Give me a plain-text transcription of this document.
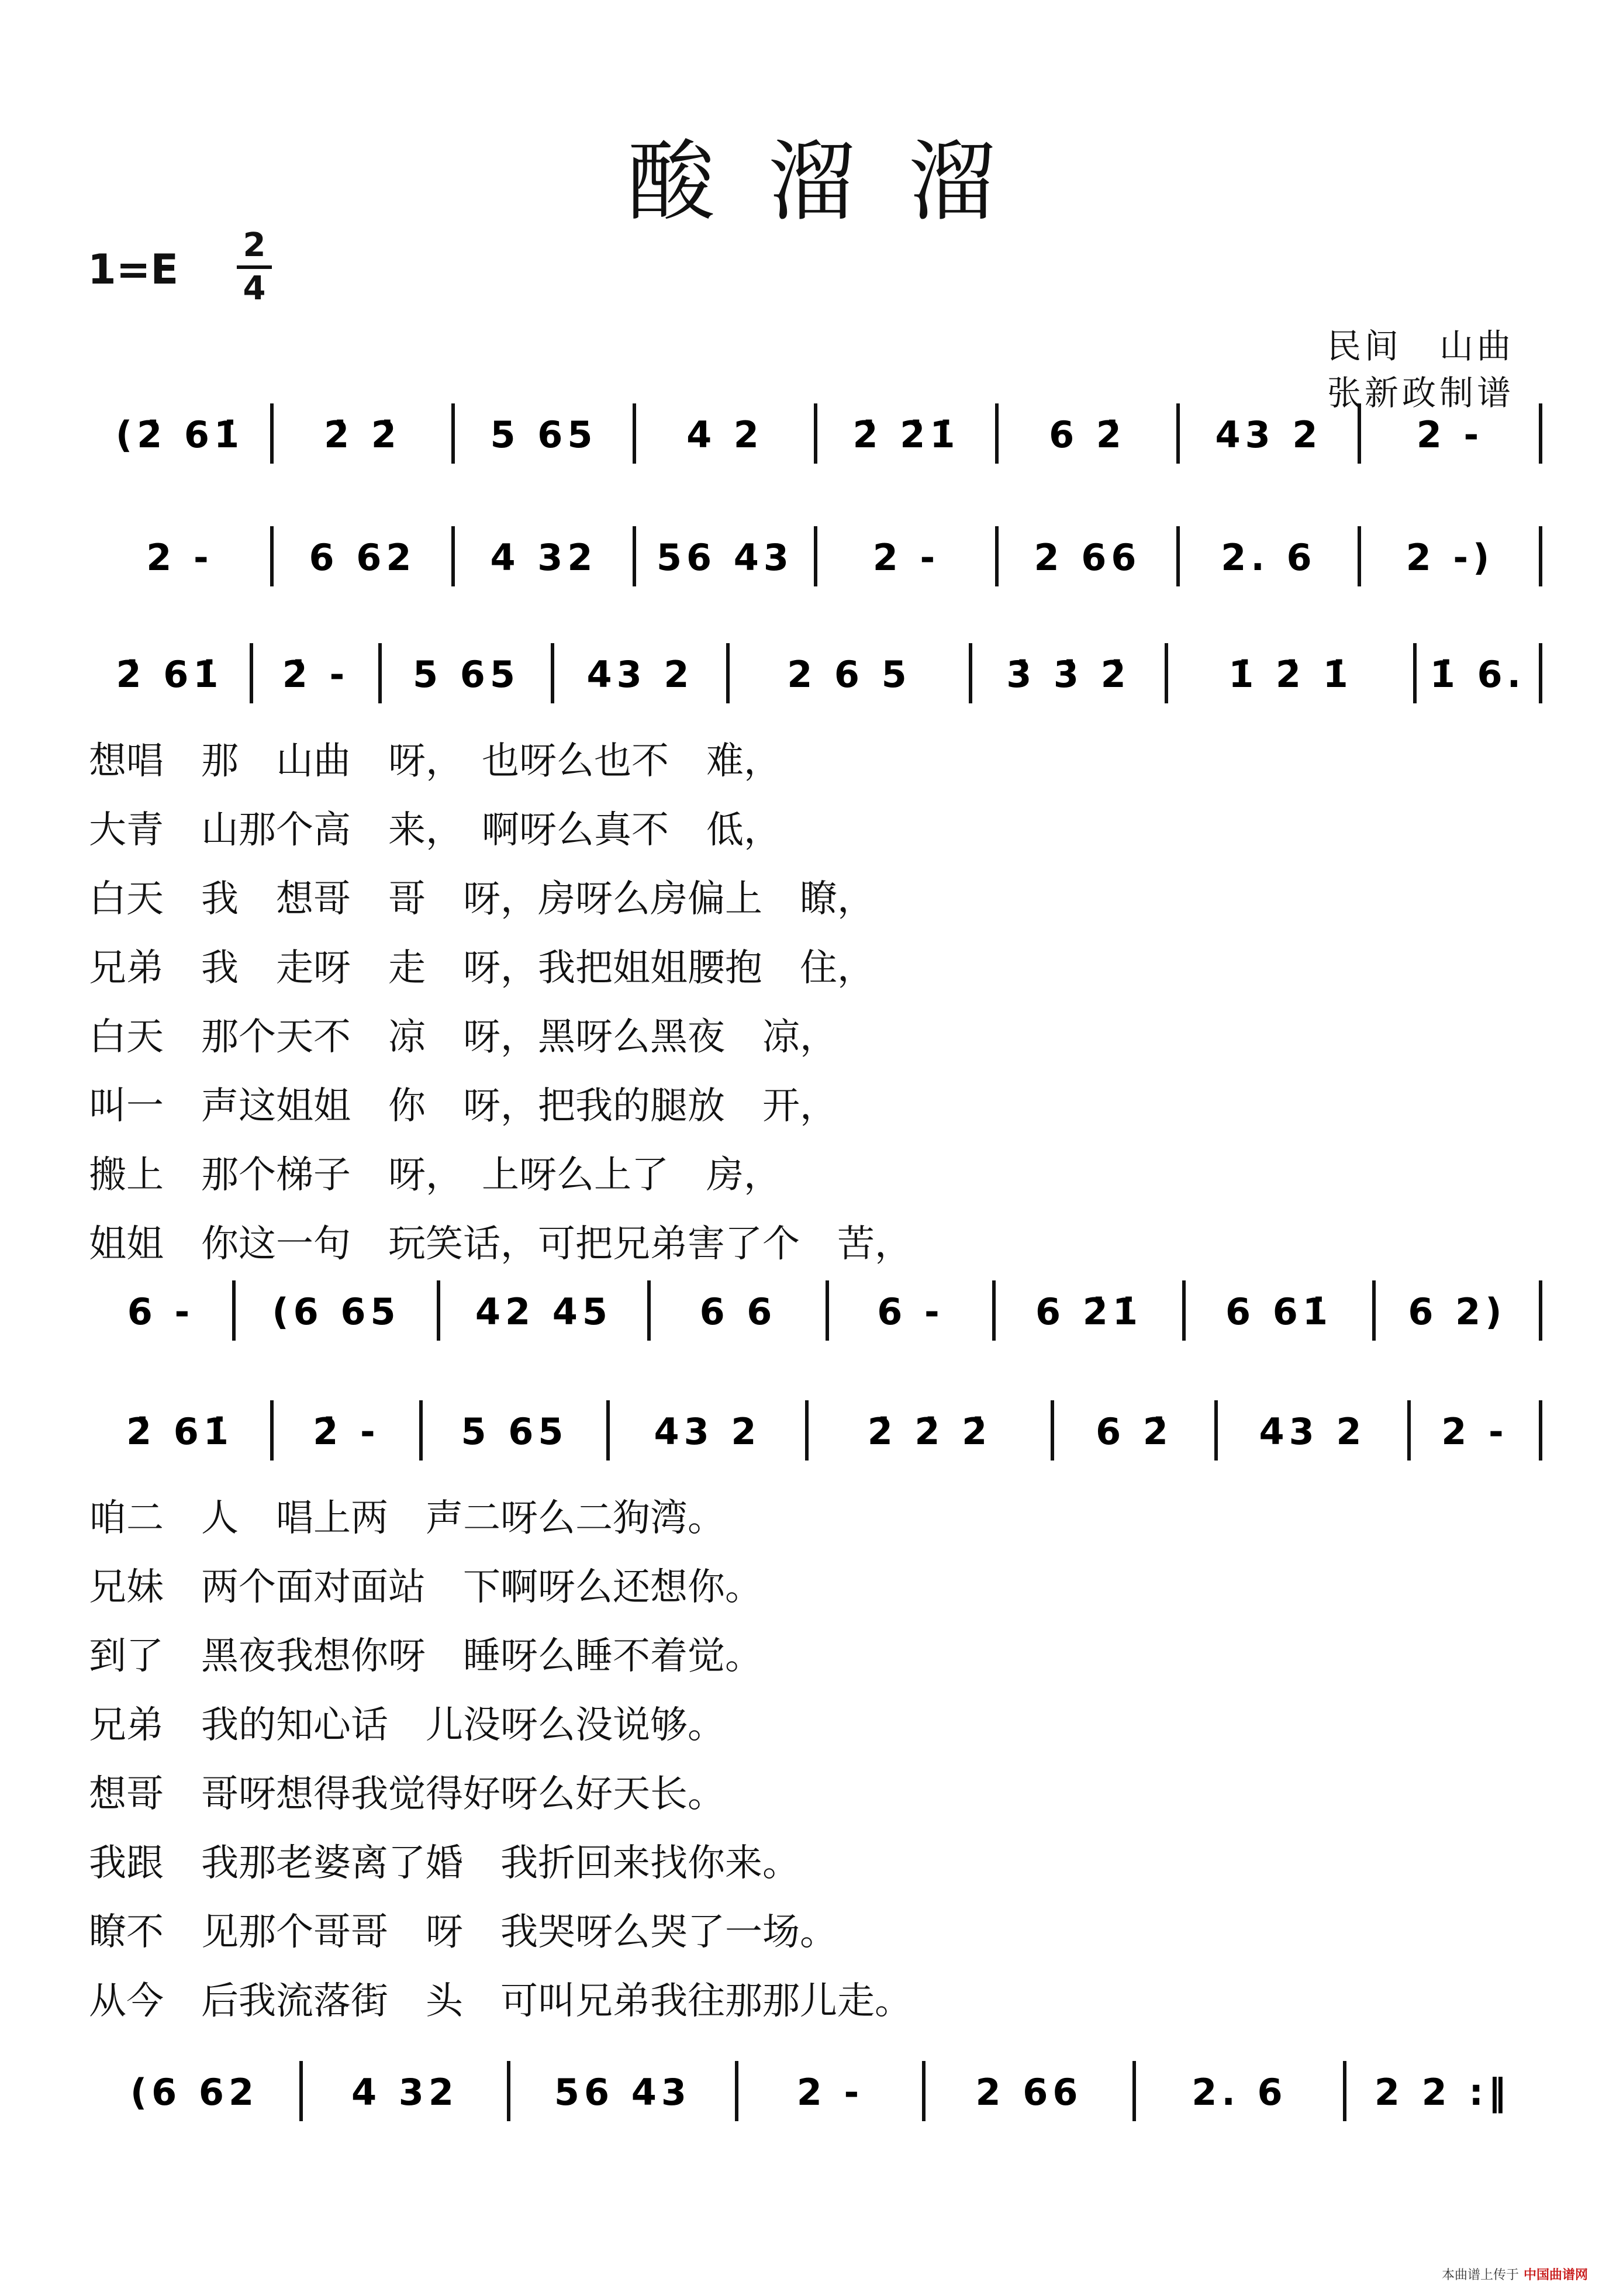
酸溜溜
1=E
2
4
民间　山曲
张新政制谱
(2̇ 61̇ 2̇ 2̇ 5 65 4 2 2̇ 2̇1̇ 6 2̇ 43 2	2 -
2 -	6 62 4 32 56 43 2 -	2 66 2. 6 2 -)
2̇ 61̇ 2̇ - 5 65 43 2	2 6 5	3̇ 3̇ 2̇	1̇ 2̇ 1̇ 1̇ 6.
6 - (6 65 42 45 6 6	6 -	6 2̇1̇ 6 61̇ 6 2)
2̇ 61̇ 2̇ - 5 65 43 2	2̇ 2̇ 2̇	6 2̇ 43 2 2 -
(6 62	4 32	56 43	2 -	2 66	2. 6 2 2 :‖
想唱　那　山曲　呀，　也呀么也不　难，
大青　山那个高　来，　啊呀么真不　低，
白天　我　想哥　哥　呀，房呀么房偏上　瞭，
兄弟　我　走呀　走　呀，我把姐姐腰抱　住，
白天　那个天不　凉　呀，黑呀么黑夜　凉，
叫一　声这姐姐　你　呀，把我的腿放　开，
搬上　那个梯子　呀，　上呀么上了　房，
姐姐　你这一句　玩笑话，可把兄弟害了个　苦，
咱二　人　唱上两　声二呀么二狗湾。
兄妹　两个面对面站　下啊呀么还想你。
到了　黑夜我想你呀　睡呀么睡不着觉。
兄弟　我的知心话　儿没呀么没说够。
想哥　哥呀想得我觉得好呀么好天长。
我跟　我那老婆离了婚　我折回来找你来。
瞭不　见那个哥哥　呀　我哭呀么哭了一场。
从今　后我流落街　头　可叫兄弟我往那那儿走。
本曲谱上传于 中国曲谱网
